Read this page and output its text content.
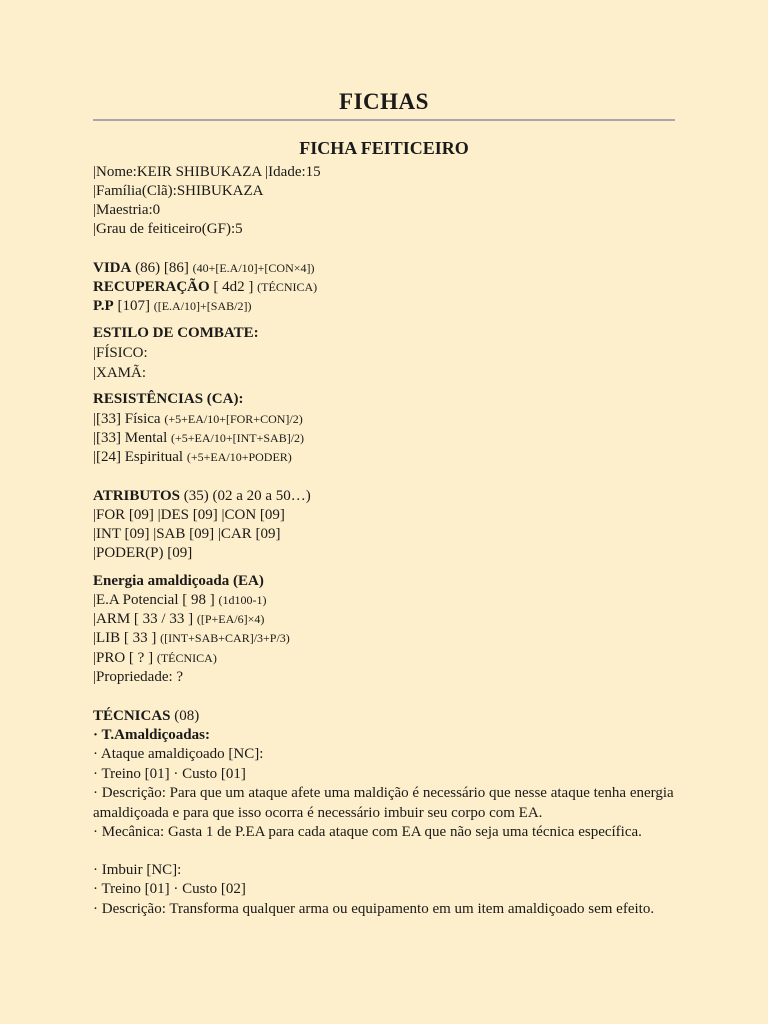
FICHAS
FICHA FEITICEIRO
|Nome:KEIR SHIBUKAZA |Idade:15
|Família(Clã):SHIBUKAZA
|Maestria:0
|Grau de feiticeiro(GF):5
VIDA (86) [86] (40+[E.A/10]+[CON×4])
RECUPERAÇÃO [ 4d2 ] (TÉCNICA)
P.P [107] ([E.A/10]+[SAB/2])
ESTILO DE COMBATE:
|FÍSICO:
|XAMÃ:
RESISTÊNCIAS (CA):
|[33] Física (+5+EA/10+[FOR+CON]/2)
|[33] Mental (+5+EA/10+[INT+SAB]/2)
|[24] Espiritual (+5+EA/10+PODER)
ATRIBUTOS (35) (02 a 20 a 50…)
|FOR [09] |DES [09] |CON [09]
|INT [09] |SAB [09] |CAR [09]
|PODER(P) [09]
Energia amaldiçoada (EA)
|E.A Potencial [ 98 ] (1d100-1)
|ARM [ 33 / 33 ] ([P+EA/6]×4)
|LIB [ 33 ] ([INT+SAB+CAR]/3+P/3)
|PRO [ ? ] (TÉCNICA)
|Propriedade: ?
TÉCNICAS (08)
· T.Amaldiçoadas:
· Ataque amaldiçoado [NC]:
· Treino [01] · Custo [01]
· Descrição: Para que um ataque afete uma maldição é necessário que nesse ataque tenha energia amaldiçoada e para que isso ocorra é necessário imbuir seu corpo com EA.
· Mecânica: Gasta 1 de P.EA para cada ataque com EA que não seja uma técnica específica.
· Imbuir [NC]:
· Treino [01] · Custo [02]
· Descrição: Transforma qualquer arma ou equipamento em um item amaldiçoado sem efeito.
